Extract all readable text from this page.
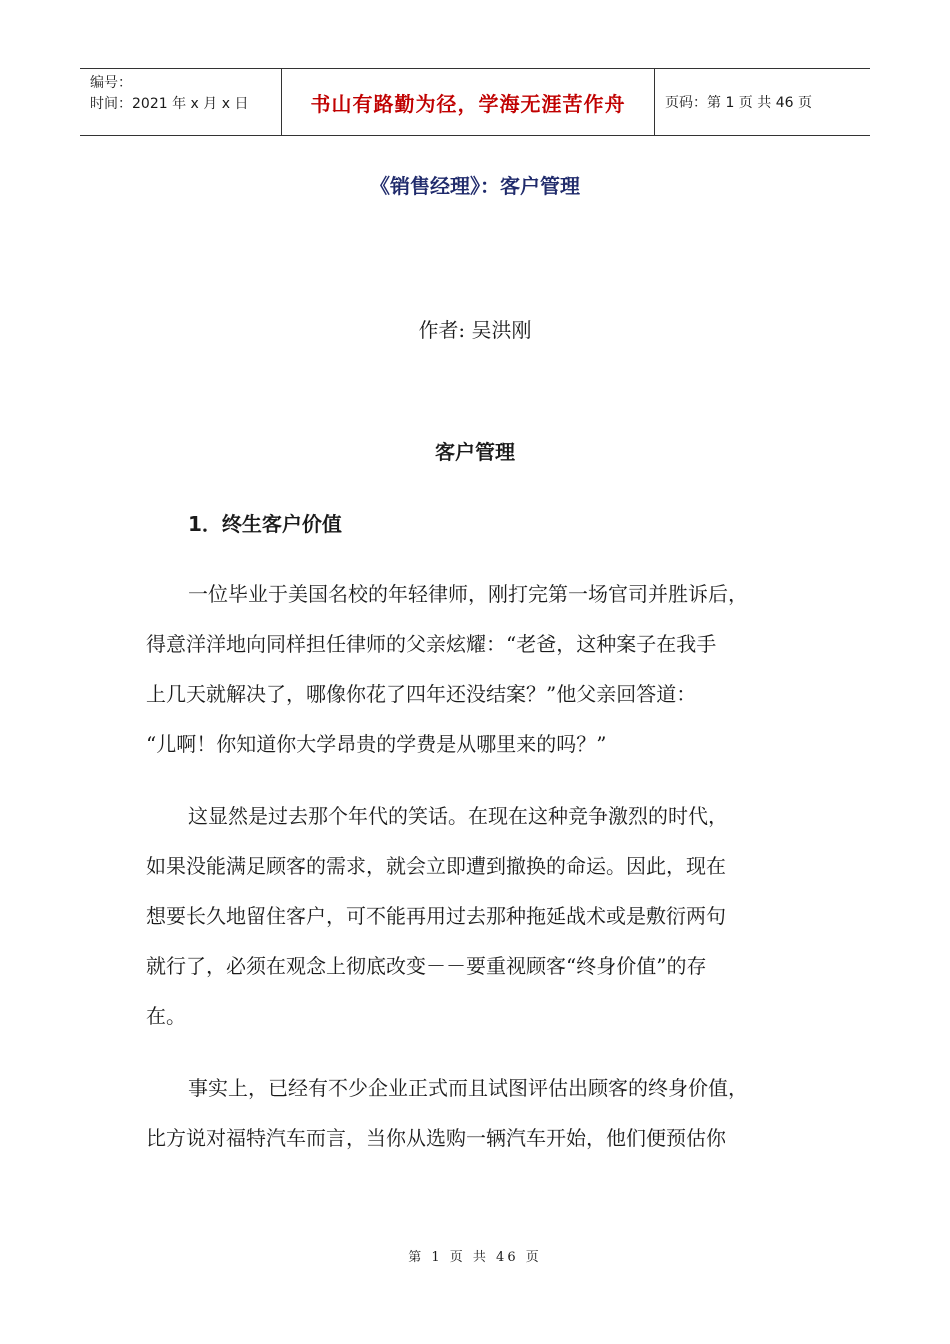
编号：
时间：2021 年 x 月 x 日	书山有路勤为径，学海无涯苦作舟	页码：第 1 页 共 46 页
《销售经理》：客户管理
作者: 吴洪刚
客户管理
1．终生客户价值
一位毕业于美国名校的年轻律师，刚打完第一场官司并胜诉后，
得意洋洋地向同样担任律师的父亲炫耀：“老爸，这种案子在我手
上几天就解决了，哪像你花了四年还没结案？”他父亲回答道：
“儿啊！你知道你大学昂贵的学费是从哪里来的吗？”
这显然是过去那个年代的笑话。在现在这种竞争激烈的时代，
如果没能满足顾客的需求，就会立即遭到撤换的命运。因此，现在
想要长久地留住客户，可不能再用过去那种拖延战术或是敷衍两句
就行了，必须在观念上彻底改变－－要重视顾客“终身价值”的存
在。
事实上，已经有不少企业正式而且试图评估出顾客的终身价值，
比方说对福特汽车而言，当你从选购一辆汽车开始，他们便预估你
第 1 页 共 46 页
